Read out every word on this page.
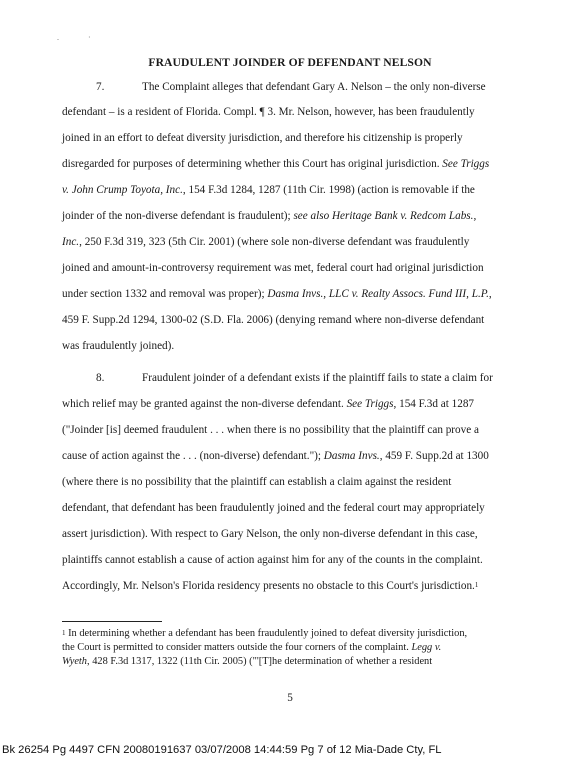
.	·
FRAUDULENT JOINDER OF DEFENDANT NELSON
7.	The Complaint alleges that defendant Gary A. Nelson – the only non-diverse
defendant – is a resident of Florida. Compl. ¶ 3. Mr. Nelson, however, has been fraudulently
joined in an effort to defeat diversity jurisdiction, and therefore his citizenship is properly
disregarded for purposes of determining whether this Court has original jurisdiction. See Triggs
v. John Crump Toyota, Inc., 154 F.3d 1284, 1287 (11th Cir. 1998) (action is removable if the
joinder of the non-diverse defendant is fraudulent); see also Heritage Bank v. Redcom Labs.,
Inc., 250 F.3d 319, 323 (5th Cir. 2001) (where sole non-diverse defendant was fraudulently
joined and amount-in-controversy requirement was met, federal court had original jurisdiction
under section 1332 and removal was proper); Dasma Invs., LLC v. Realty Assocs. Fund III, L.P.,
459 F. Supp.2d 1294, 1300-02 (S.D. Fla. 2006) (denying remand where non-diverse defendant
was fraudulently joined).
8.	Fraudulent joinder of a defendant exists if the plaintiff fails to state a claim for
which relief may be granted against the non-diverse defendant. See Triggs, 154 F.3d at 1287
("Joinder [is] deemed fraudulent . . . when there is no possibility that the plaintiff can prove a
cause of action against the . . . (non-diverse) defendant."); Dasma Invs., 459 F. Supp.2d at 1300
(where there is no possibility that the plaintiff can establish a claim against the resident
defendant, that defendant has been fraudulently joined and the federal court may appropriately
assert jurisdiction). With respect to Gary Nelson, the only non-diverse defendant in this case,
plaintiffs cannot establish a cause of action against him for any of the counts in the complaint.
Accordingly, Mr. Nelson's Florida residency presents no obstacle to this Court's jurisdiction.$^1$
$^1$ In determining whether a defendant has been fraudulently joined to defeat diversity jurisdiction,
the Court is permitted to consider matters outside the four corners of the complaint. Legg v.
Wyeth, 428 F.3d 1317, 1322 (11th Cir. 2005) ("'[T]he determination of whether a resident
5
Bk 26254 Pg 4497 CFN 20080191637 03/07/2008 14:44:59 Pg 7 of 12 Mia-Dade Cty, FL
